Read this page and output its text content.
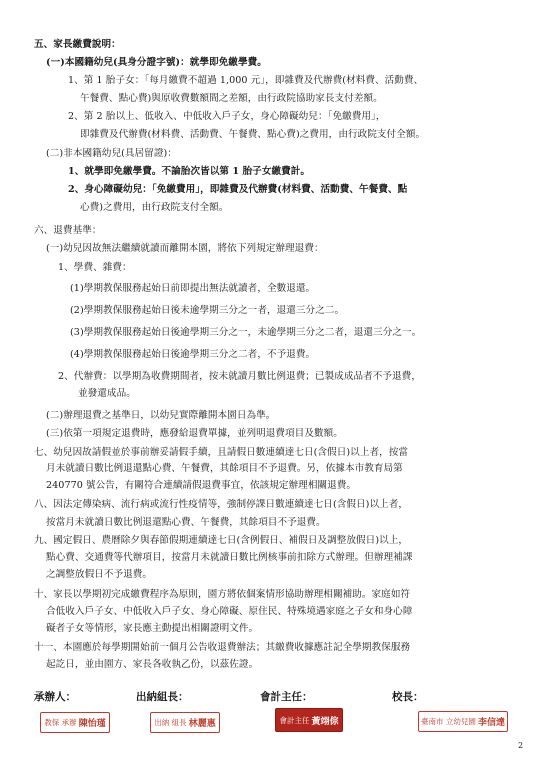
五、家長繳費說明：
(一)本國籍幼兒(具身分證字號)：就學即免繳學費。
1、第 1 胎子女：「每月繳費不超過 1,000 元」，即雜費及代辦費(材料費、活動費、
午餐費、點心費)與原收費數額間之差額，由行政院協助家長支付差額。
2、第 2 胎以上、低收入、中低收入戶子女，身心障礙幼兒：「免繳費用」，
即雜費及代辦費(材料費、活動費、午餐費、點心費)之費用，由行政院支付全額。
(二)非本國籍幼兒(具居留證)：
1、就學即免繳學費。不論胎次皆以第 1 胎子女繳費計。
2、身心障礙幼兒：「免繳費用」，即雜費及代辦費(材料費、活動費、午餐費、點
心費)之費用，由行政院支付全額。
六、退費基準：
(一)幼兒因故無法繼續就讀而離開本園，將依下列規定辦理退費：
1、學費、雜費：
(1)學期教保服務起始日前即提出無法就讀者，全數退還。
(2)學期教保服務起始日後未逾學期三分之一者，退還三分之二。
(3)學期教保服務起始日後逾學期三分之一，未逾學期三分之二者，退還三分之一。
(4)學期教保服務起始日後逾學期三分之二者，不予退費。
2、代辦費：以學期為收費期間者，按未就讀月數比例退費；已製成成品者不予退費，
並發還成品。
(二)辦理退費之基準日，以幼兒實際離開本園日為準。
(三)依第一項規定退費時，應發給退費單據，並列明退費項目及數額。
七、幼兒因故請假並於事前辦妥請假手續，且請假日數連續達七日(含假日)以上者，按當
月未就讀日數比例退還點心費、午餐費，其餘項目不予退費。另，依據本市教育局第
240770 號公告，有關符合連續請假退費事宜，依該規定辦理相關退費。
八、因法定傳染病、流行病或流行性疫情等，強制停課日數連續達七日(含假日)以上者，
按當月未就讀日數比例退還點心費、午餐費，其餘項目不予退費。
九、國定假日、農曆除夕與春節假期連續達七日(含例假日、補假日及調整放假日)以上，
點心費、交通費等代辦項目，按當月未就讀日數比例核事前扣除方式辦理。但辦理補課
之調整放假日不予退費。
十、家長以學期初完成繳費程序為原則，園方將依個案情形協助辦理相關補助。家庭如符
合低收入戶子女、中低收入戶子女、身心障礙、原住民、特殊境遇家庭之子女和身心障
礙者子女等情形，家長應主動提出相關證明文件。
十一、本園應於每學期開始前一個月公告收退費辦法；其繳費收據應註記全學期教保服務
起訖日，並由園方、家長各收執乙份，以茲佐證。
承辦人：	出納組長：	會計主任：	校長：
教保 承辦 陳怡瑾	出納 組長 林麗惠	會計主任 黃翊倧	臺南市 立幼兒園 李信達
2
